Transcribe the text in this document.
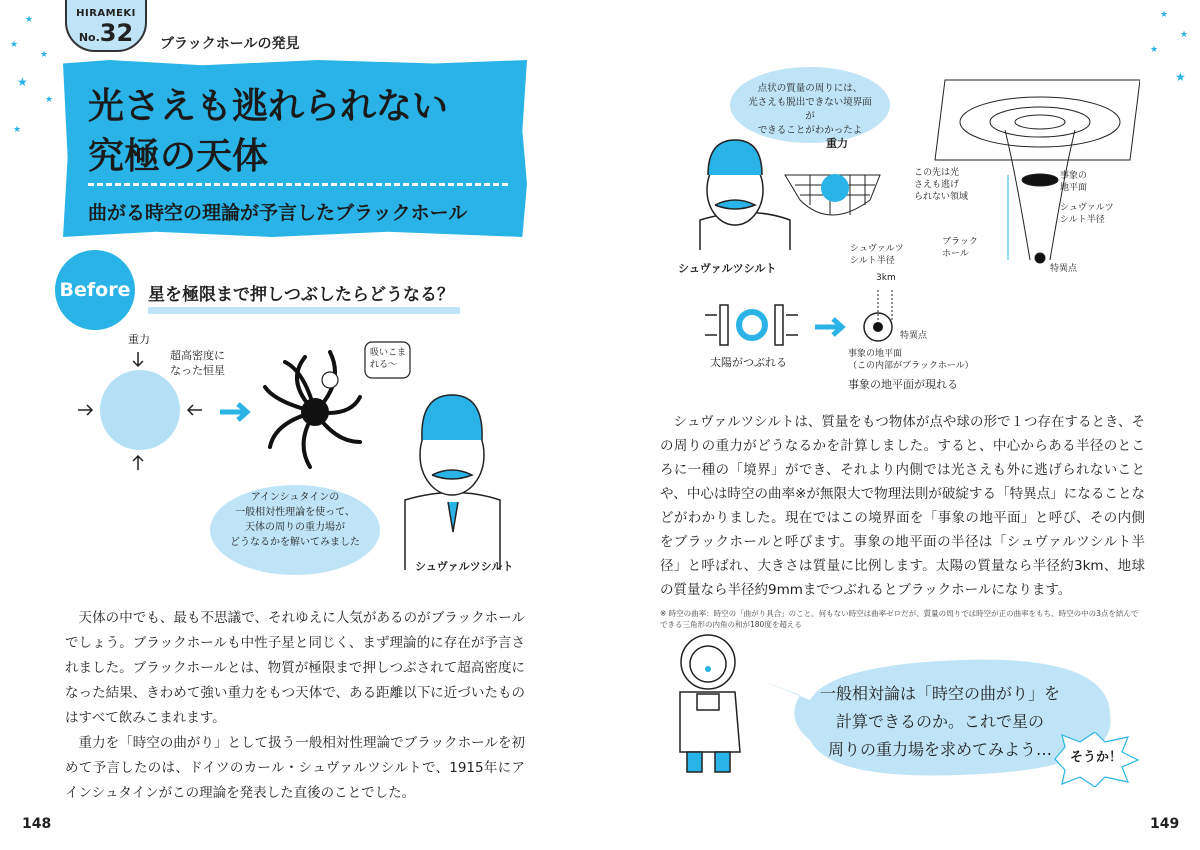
★
★
★
★
★
★
★
★
★
★
HIRAMEKI
No.32	ブラックホールの発見
光さえも逃れられない
究極の天体
曲がる時空の理論が予言したブラックホール
Before 星を極限まで押しつぶしたらどうなる？
重力
超高密度に
なった恒星
吸いこま
れる〜
アインシュタインの
一般相対性理論を使って、
天体の周りの重力場が
どうなるかを解いてみました
シュヴァルツシルト

　天体の中でも、最も不思議で、それゆえに人気があるのがブラックホールでしょう。ブラックホールも中性子星と同じく、まず理論的に存在が予言されました。ブラックホールとは、物質が極限まで押しつぶされて超高密度になった結果、きわめて強い重力をもつ天体で、ある距離以下に近づいたものはすべて飲みこまれます。

　重力を「時空の曲がり」として扱う一般相対性理論でブラックホールを初めて予言したのは、ドイツのカール・シュヴァルツシルトで、1915年にアインシュタインがこの理論を発表した直後のことでした。

148
点状の質量の周りには、
光さえも脱出できない境界面が
できることがわかったよ
重力
シュヴァルツシルト
この先は光
さえも逃げ
られない領域
事象の
地平面
シュヴァルツ
シルト半径
ブラック
ホール
特異点
シュヴァルツ
シルト半径
3km
太陽がつぶれる
特異点
事象の地平面
（この内部がブラックホール）
事象の地平面が現れる
　シュヴァルツシルトは、質量をもつ物体が点や球の形で１つ存在するとき、その周りの重力がどうなるかを計算しました。すると、中心からある半径のところに一種の「境界」ができ、それより内側では光さえも外に逃げられないことや、中心は時空の曲率※が無限大で物理法則が破綻する「特異点」になることなどがわかりました。現在ではこの境界面を「事象の地平面」と呼び、その内側をブラックホールと呼びます。事象の地平面の半径は「シュヴァルツシルト半径」と呼ばれ、大きさは質量に比例します。太陽の質量なら半径約3km、地球の質量なら半径約9mmまでつぶれるとブラックホールになります。
※ 時空の曲率：時空の「曲がり具合」のこと。何もない時空は曲率ゼロだが、質量の周りでは時空が正の曲率をもち、時空の中の3点を結んでできる三角形の内角の和が180度を超える
一般相対論は「時空の曲がり」を
計算できるのか。これで星の
周りの重力場を求めてみよう…	そうか！
149
